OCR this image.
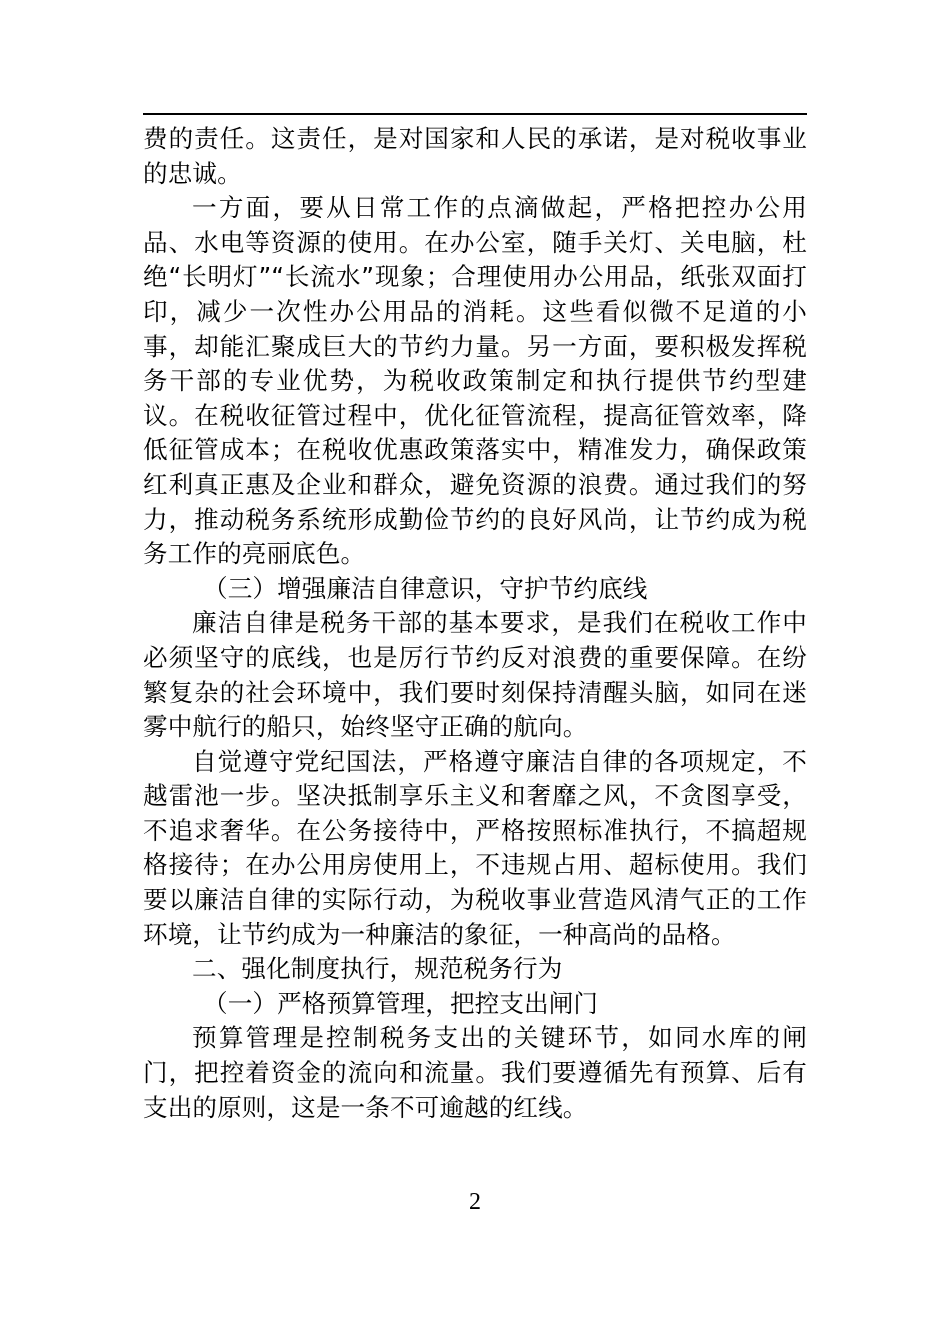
费的责任。这责任，是对国家和人民的承诺，是对税收事业的忠诚。

一方面，要从日常工作的点滴做起，严格把控办公用品、水电等资源的使用。在办公室，随手关灯、关电脑，杜绝“长明灯”“长流水”现象；合理使用办公用品，纸张双面打印，减少一次性办公用品的消耗。这些看似微不足道的小事，却能汇聚成巨大的节约力量。另一方面，要积极发挥税务干部的专业优势，为税收政策制定和执行提供节约型建议。在税收征管过程中，优化征管流程，提高征管效率，降低征管成本；在税收优惠政策落实中，精准发力，确保政策红利真正惠及企业和群众，避免资源的浪费。通过我们的努力，推动税务系统形成勤俭节约的良好风尚，让节约成为税务工作的亮丽底色。

（三）增强廉洁自律意识，守护节约底线

廉洁自律是税务干部的基本要求，是我们在税收工作中必须坚守的底线，也是厉行节约反对浪费的重要保障。在纷繁复杂的社会环境中，我们要时刻保持清醒头脑，如同在迷雾中航行的船只，始终坚守正确的航向。

自觉遵守党纪国法，严格遵守廉洁自律的各项规定，不越雷池一步。坚决抵制享乐主义和奢靡之风，不贪图享受，不追求奢华。在公务接待中，严格按照标准执行，不搞超规格接待；在办公用房使用上，不违规占用、超标使用。我们要以廉洁自律的实际行动，为税收事业营造风清气正的工作环境，让节约成为一种廉洁的象征，一种高尚的品格。

二、强化制度执行，规范税务行为

（一）严格预算管理，把控支出闸门

预算管理是控制税务支出的关键环节，如同水库的闸门，把控着资金的流向和流量。我们要遵循先有预算、后有支出的原则，这是一条不可逾越的红线。

2
